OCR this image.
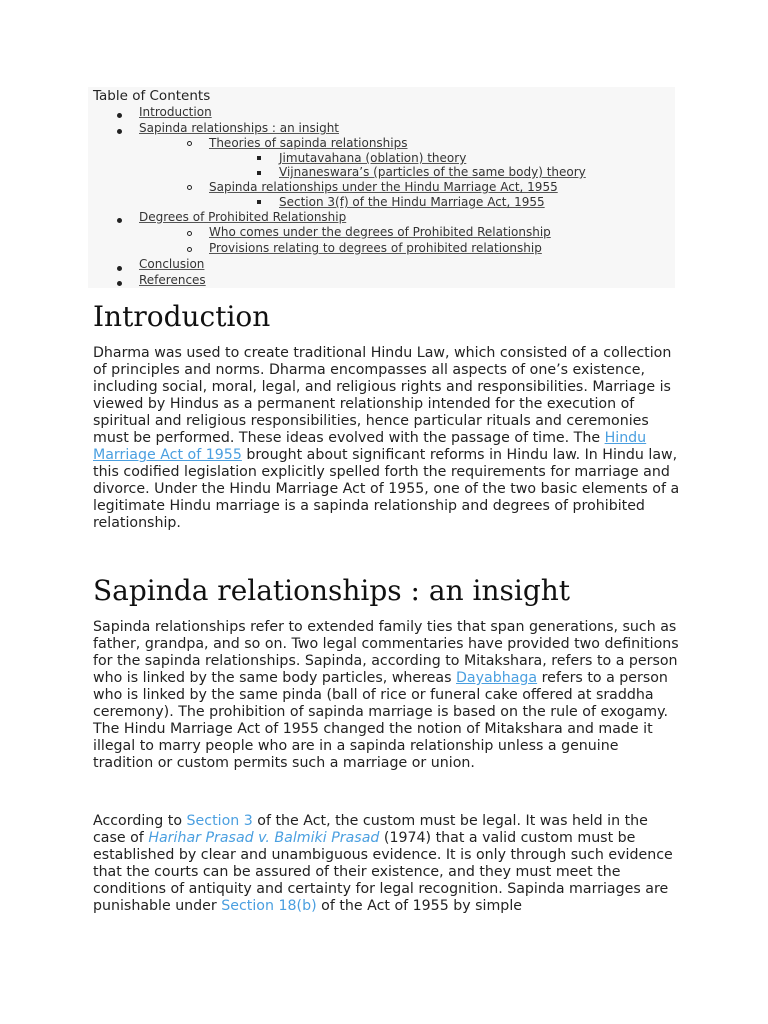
Table of Contents
Introduction
Sapinda relationships : an insight
Theories of sapinda relationships
Jimutavahana (oblation) theory
Vijnaneswara’s (particles of the same body) theory
Sapinda relationships under the Hindu Marriage Act, 1955
Section 3(f) of the Hindu Marriage Act, 1955
Degrees of Prohibited Relationship
Who comes under the degrees of Prohibited Relationship
Provisions relating to degrees of prohibited relationship
Conclusion
References
Introduction

Dharma was used to create traditional Hindu Law, which consisted of a collection of principles and norms. Dharma encompasses all aspects of one’s existence, including social, moral, legal, and religious rights and responsibilities. Marriage is viewed by Hindus as a permanent relationship intended for the execution of spiritual and religious responsibilities, hence particular rituals and ceremonies must be performed. These ideas evolved with the passage of time. The Hindu Marriage Act of 1955 brought about significant reforms in Hindu law. In Hindu law, this codified legislation explicitly spelled forth the requirements for marriage and divorce. Under the Hindu Marriage Act of 1955, one of the two basic elements of a legitimate Hindu marriage is a sapinda relationship and degrees of prohibited relationship.

Sapinda relationships : an insight

Sapinda relationships refer to extended family ties that span generations, such as father, grandpa, and so on. Two legal commentaries have provided two definitions for the sapinda relationships. Sapinda, according to Mitakshara, refers to a person who is linked by the same body particles, whereas Dayabhaga refers to a person who is linked by the same pinda (ball of rice or funeral cake offered at sraddha ceremony). The prohibition of sapinda marriage is based on the rule of exogamy. The Hindu Marriage Act of 1955 changed the notion of Mitakshara and made it illegal to marry people who are in a sapinda relationship unless a genuine tradition or custom permits such a marriage or union.

According to Section 3 of the Act, the custom must be legal. It was held in the case of Harihar Prasad v. Balmiki Prasad (1974) that a valid custom must be established by clear and unambiguous evidence. It is only through such evidence that the courts can be assured of their existence, and they must meet the conditions of antiquity and certainty for legal recognition. Sapinda marriages are punishable under Section 18(b) of the Act of 1955 by simple
